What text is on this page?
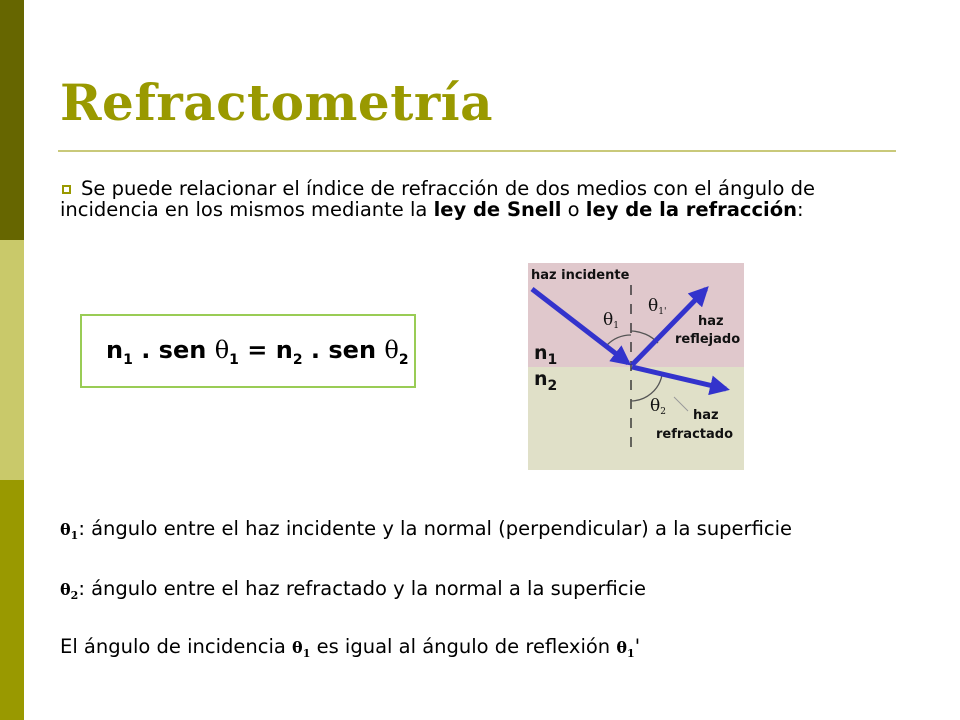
Refractometría
Se puede relacionar el índice de refracción de dos medios con el ángulo de incidencia en los mismos mediante la ley de Snell o ley de la refracción:
$n_1$ . sen $\theta_1 = n_2$ . sen $\theta_2$
haz incidente
haz
reflejado
haz
refractado
$n_1$
$n_2$
θ1
θ1'
θ2
$\theta_1$: ángulo entre el haz incidente y la normal (perpendicular) a la superficie
$\theta_2$: ángulo entre el haz refractado y la normal a la superficie
El ángulo de incidencia $\theta_1$ es igual al ángulo de reflexión $\theta_1'$
